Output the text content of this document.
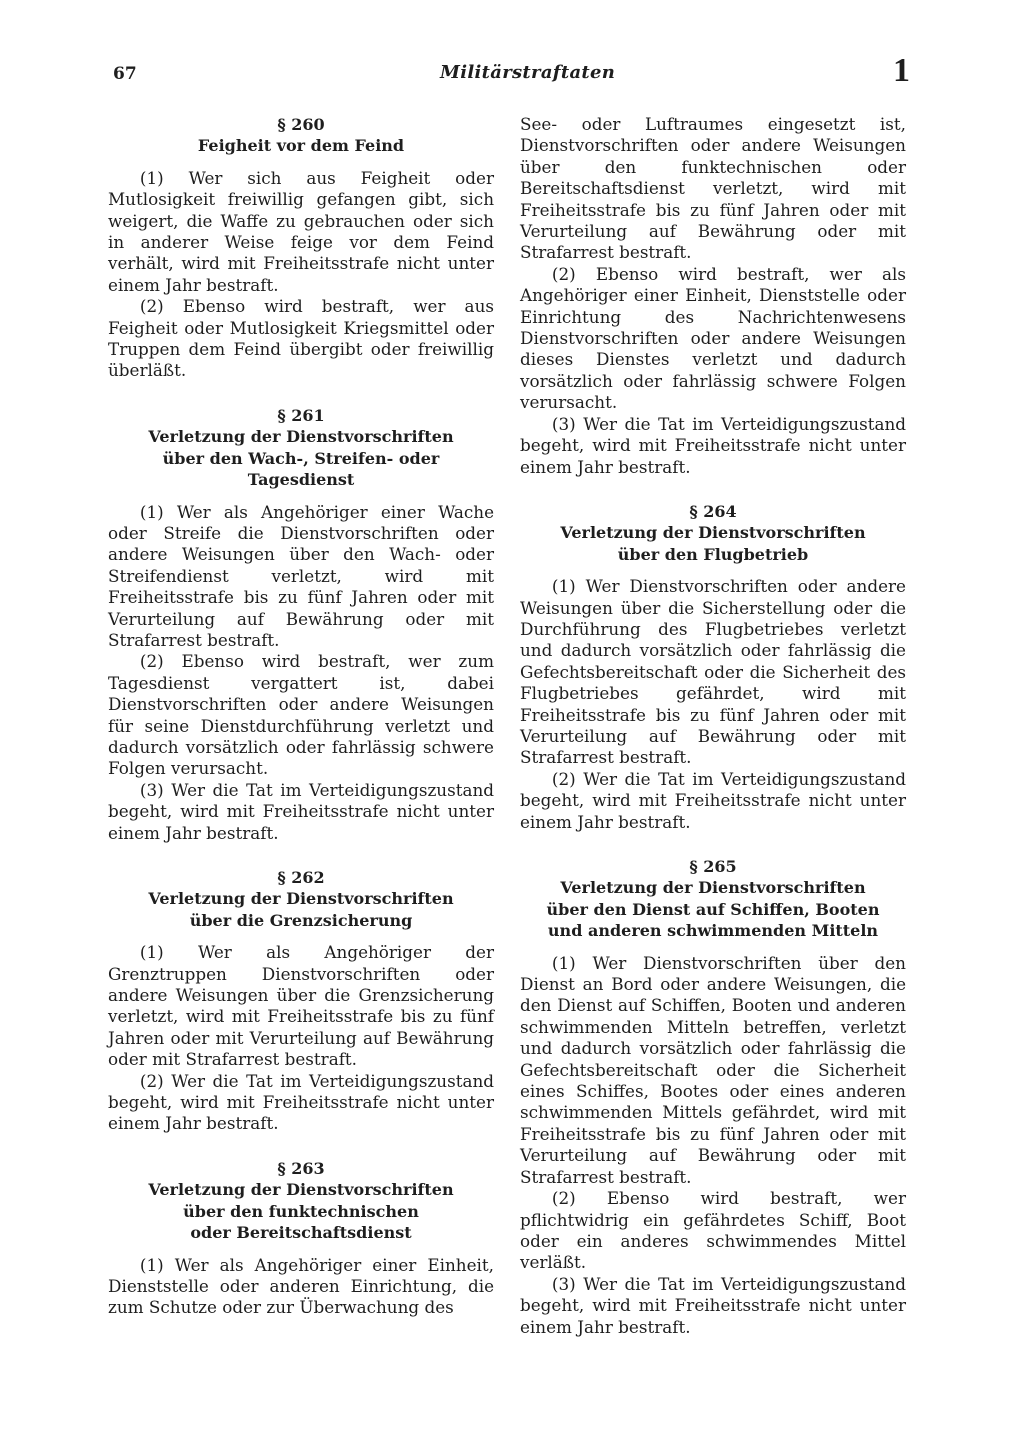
67	Militärstraftaten	1
§ 260
Feigheit vor dem Feind

(1) Wer sich aus Feigheit oder Mutlosigkeit freiwillig gefangen gibt, sich weigert, die Waffe zu gebrauchen oder sich in anderer Weise feige vor dem Feind verhält, wird mit Freiheitsstrafe nicht unter einem Jahr bestraft.

(2) Ebenso wird bestraft, wer aus Feigheit oder Mutlosigkeit Kriegsmittel oder Truppen dem Feind übergibt oder freiwillig überläßt.

§ 261
Verletzung der Dienstvorschriften
über den Wach-, Streifen- oder Tagesdienst

(1) Wer als Angehöriger einer Wache oder Streife die Dienstvorschriften oder andere Weisungen über den Wach- oder Streifendienst verletzt, wird mit Freiheitsstrafe bis zu fünf Jahren oder mit Verurteilung auf Bewährung oder mit Strafarrest bestraft.

(2) Ebenso wird bestraft, wer zum Tagesdienst vergattert ist, dabei Dienstvorschriften oder andere Weisungen für seine Dienstdurchführung verletzt und dadurch vorsätzlich oder fahrlässig schwere Folgen verursacht.

(3) Wer die Tat im Verteidigungszustand begeht, wird mit Freiheitsstrafe nicht unter einem Jahr bestraft.

§ 262
Verletzung der Dienstvorschriften
über die Grenzsicherung

(1) Wer als Angehöriger der Grenztruppen Dienstvorschriften oder andere Weisungen über die Grenzsicherung verletzt, wird mit Freiheitsstrafe bis zu fünf Jahren oder mit Verurteilung auf Bewährung oder mit Strafarrest bestraft.

(2) Wer die Tat im Verteidigungszustand begeht, wird mit Freiheitsstrafe nicht unter einem Jahr bestraft.

§ 263
Verletzung der Dienstvorschriften
über den funktechnischen
oder Bereitschaftsdienst

(1) Wer als Angehöriger einer Einheit, Dienststelle oder anderen Einrichtung, die zum Schutze oder zur Überwachung des

See- oder Luftraumes eingesetzt ist, Dienstvorschriften oder andere Weisungen über den funktechnischen oder Bereitschaftsdienst verletzt, wird mit Freiheitsstrafe bis zu fünf Jahren oder mit Verurteilung auf Bewährung oder mit Strafarrest bestraft.

(2) Ebenso wird bestraft, wer als Angehöriger einer Einheit, Dienststelle oder Einrichtung des Nachrichtenwesens Dienstvorschriften oder andere Weisungen dieses Dienstes verletzt und dadurch vorsätzlich oder fahrlässig schwere Folgen verursacht.

(3) Wer die Tat im Verteidigungszustand begeht, wird mit Freiheitsstrafe nicht unter einem Jahr bestraft.

§ 264
Verletzung der Dienstvorschriften
über den Flugbetrieb

(1) Wer Dienstvorschriften oder andere Weisungen über die Sicherstellung oder die Durchführung des Flugbetriebes verletzt und dadurch vorsätzlich oder fahrlässig die Gefechtsbereitschaft oder die Sicherheit des Flugbetriebes gefährdet, wird mit Freiheitsstrafe bis zu fünf Jahren oder mit Verurteilung auf Bewährung oder mit Strafarrest bestraft.

(2) Wer die Tat im Verteidigungszustand begeht, wird mit Freiheitsstrafe nicht unter einem Jahr bestraft.

§ 265
Verletzung der Dienstvorschriften
über den Dienst auf Schiffen, Booten
und anderen schwimmenden Mitteln

(1) Wer Dienstvorschriften über den Dienst an Bord oder andere Weisungen, die den Dienst auf Schiffen, Booten und anderen schwimmenden Mitteln betreffen, verletzt und dadurch vorsätzlich oder fahrlässig die Gefechtsbereitschaft oder die Sicherheit eines Schiffes, Bootes oder eines anderen schwimmenden Mittels gefährdet, wird mit Freiheitsstrafe bis zu fünf Jahren oder mit Verurteilung auf Bewährung oder mit Strafarrest bestraft.

(2) Ebenso wird bestraft, wer pflichtwidrig ein gefährdetes Schiff, Boot oder ein anderes schwimmendes Mittel verläßt.

(3) Wer die Tat im Verteidigungszustand begeht, wird mit Freiheitsstrafe nicht unter einem Jahr bestraft.
